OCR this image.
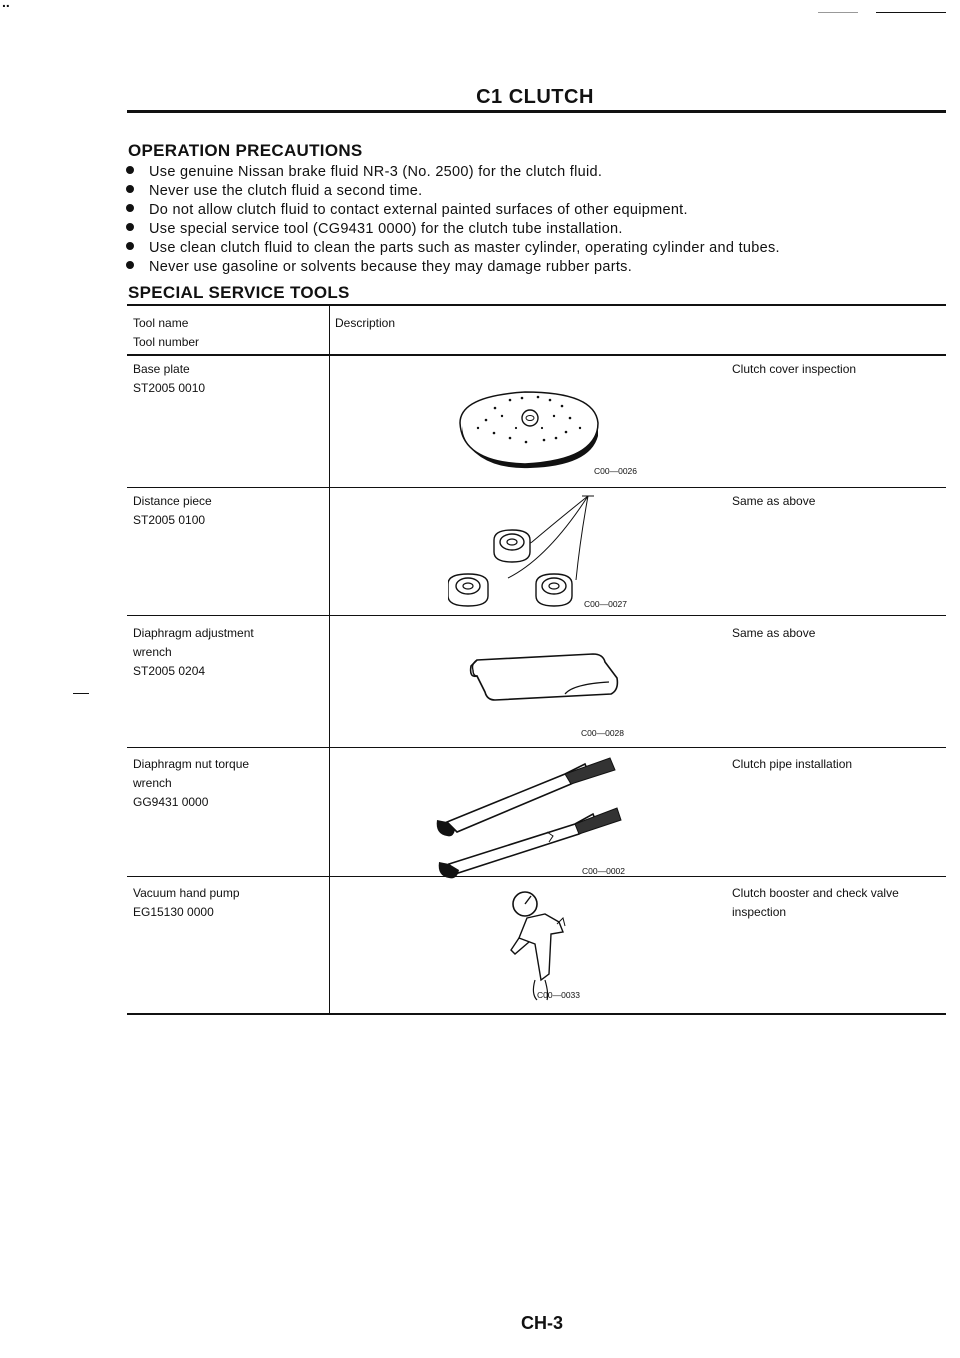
..
C1 CLUTCH
OPERATION PRECAUTIONS
Use genuine Nissan brake fluid NR-3 (No. 2500) for the clutch fluid.
Never use the clutch fluid a second time.
Do not allow clutch fluid to contact external painted surfaces of other equipment.
Use special service tool (CG9431 0000) for the clutch tube installation.
Use clean clutch fluid to clean the parts such as master cylinder, operating cylinder and tubes.
Never use gasoline or solvents because they may damage rubber parts.
SPECIAL SERVICE TOOLS
Tool name
Tool number
Description
Base plate
ST2005 0010
Clutch cover inspection
C00—0026
Distance piece
ST2005 0100
Same as above
C00—0027
Diaphragm adjustment
wrench
ST2005 0204
Same as above
C00—0028
Diaphragm nut torque
wrench
GG9431 0000
Clutch pipe installation
C00—0002
Vacuum hand pump
EG15130 0000
Clutch booster and check valve
inspection
C00—0033
CH-3
